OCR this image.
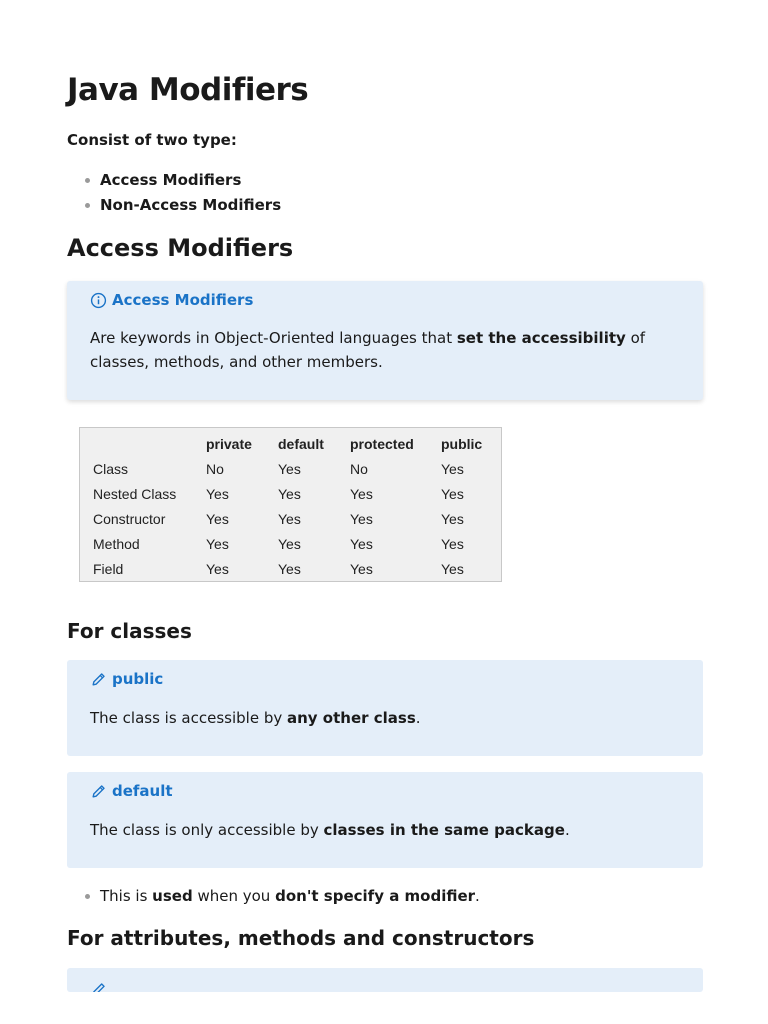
Java Modifiers
Consist of two type:
Access Modifiers
Non-Access Modifiers
Access Modifiers
Access Modifiers
Are keywords in Object-Oriented languages that set the accessibility of classes, methods, and other members.
	private	default	protected	public
Class	No	Yes	No	Yes
Nested Class	Yes	Yes	Yes	Yes
Constructor	Yes	Yes	Yes	Yes
Method	Yes	Yes	Yes	Yes
Field	Yes	Yes	Yes	Yes
For classes
public
The class is accessible by any other class.
default
The class is only accessible by classes in the same package.
This is used when you don't specify a modifier.
For attributes, methods and constructors
